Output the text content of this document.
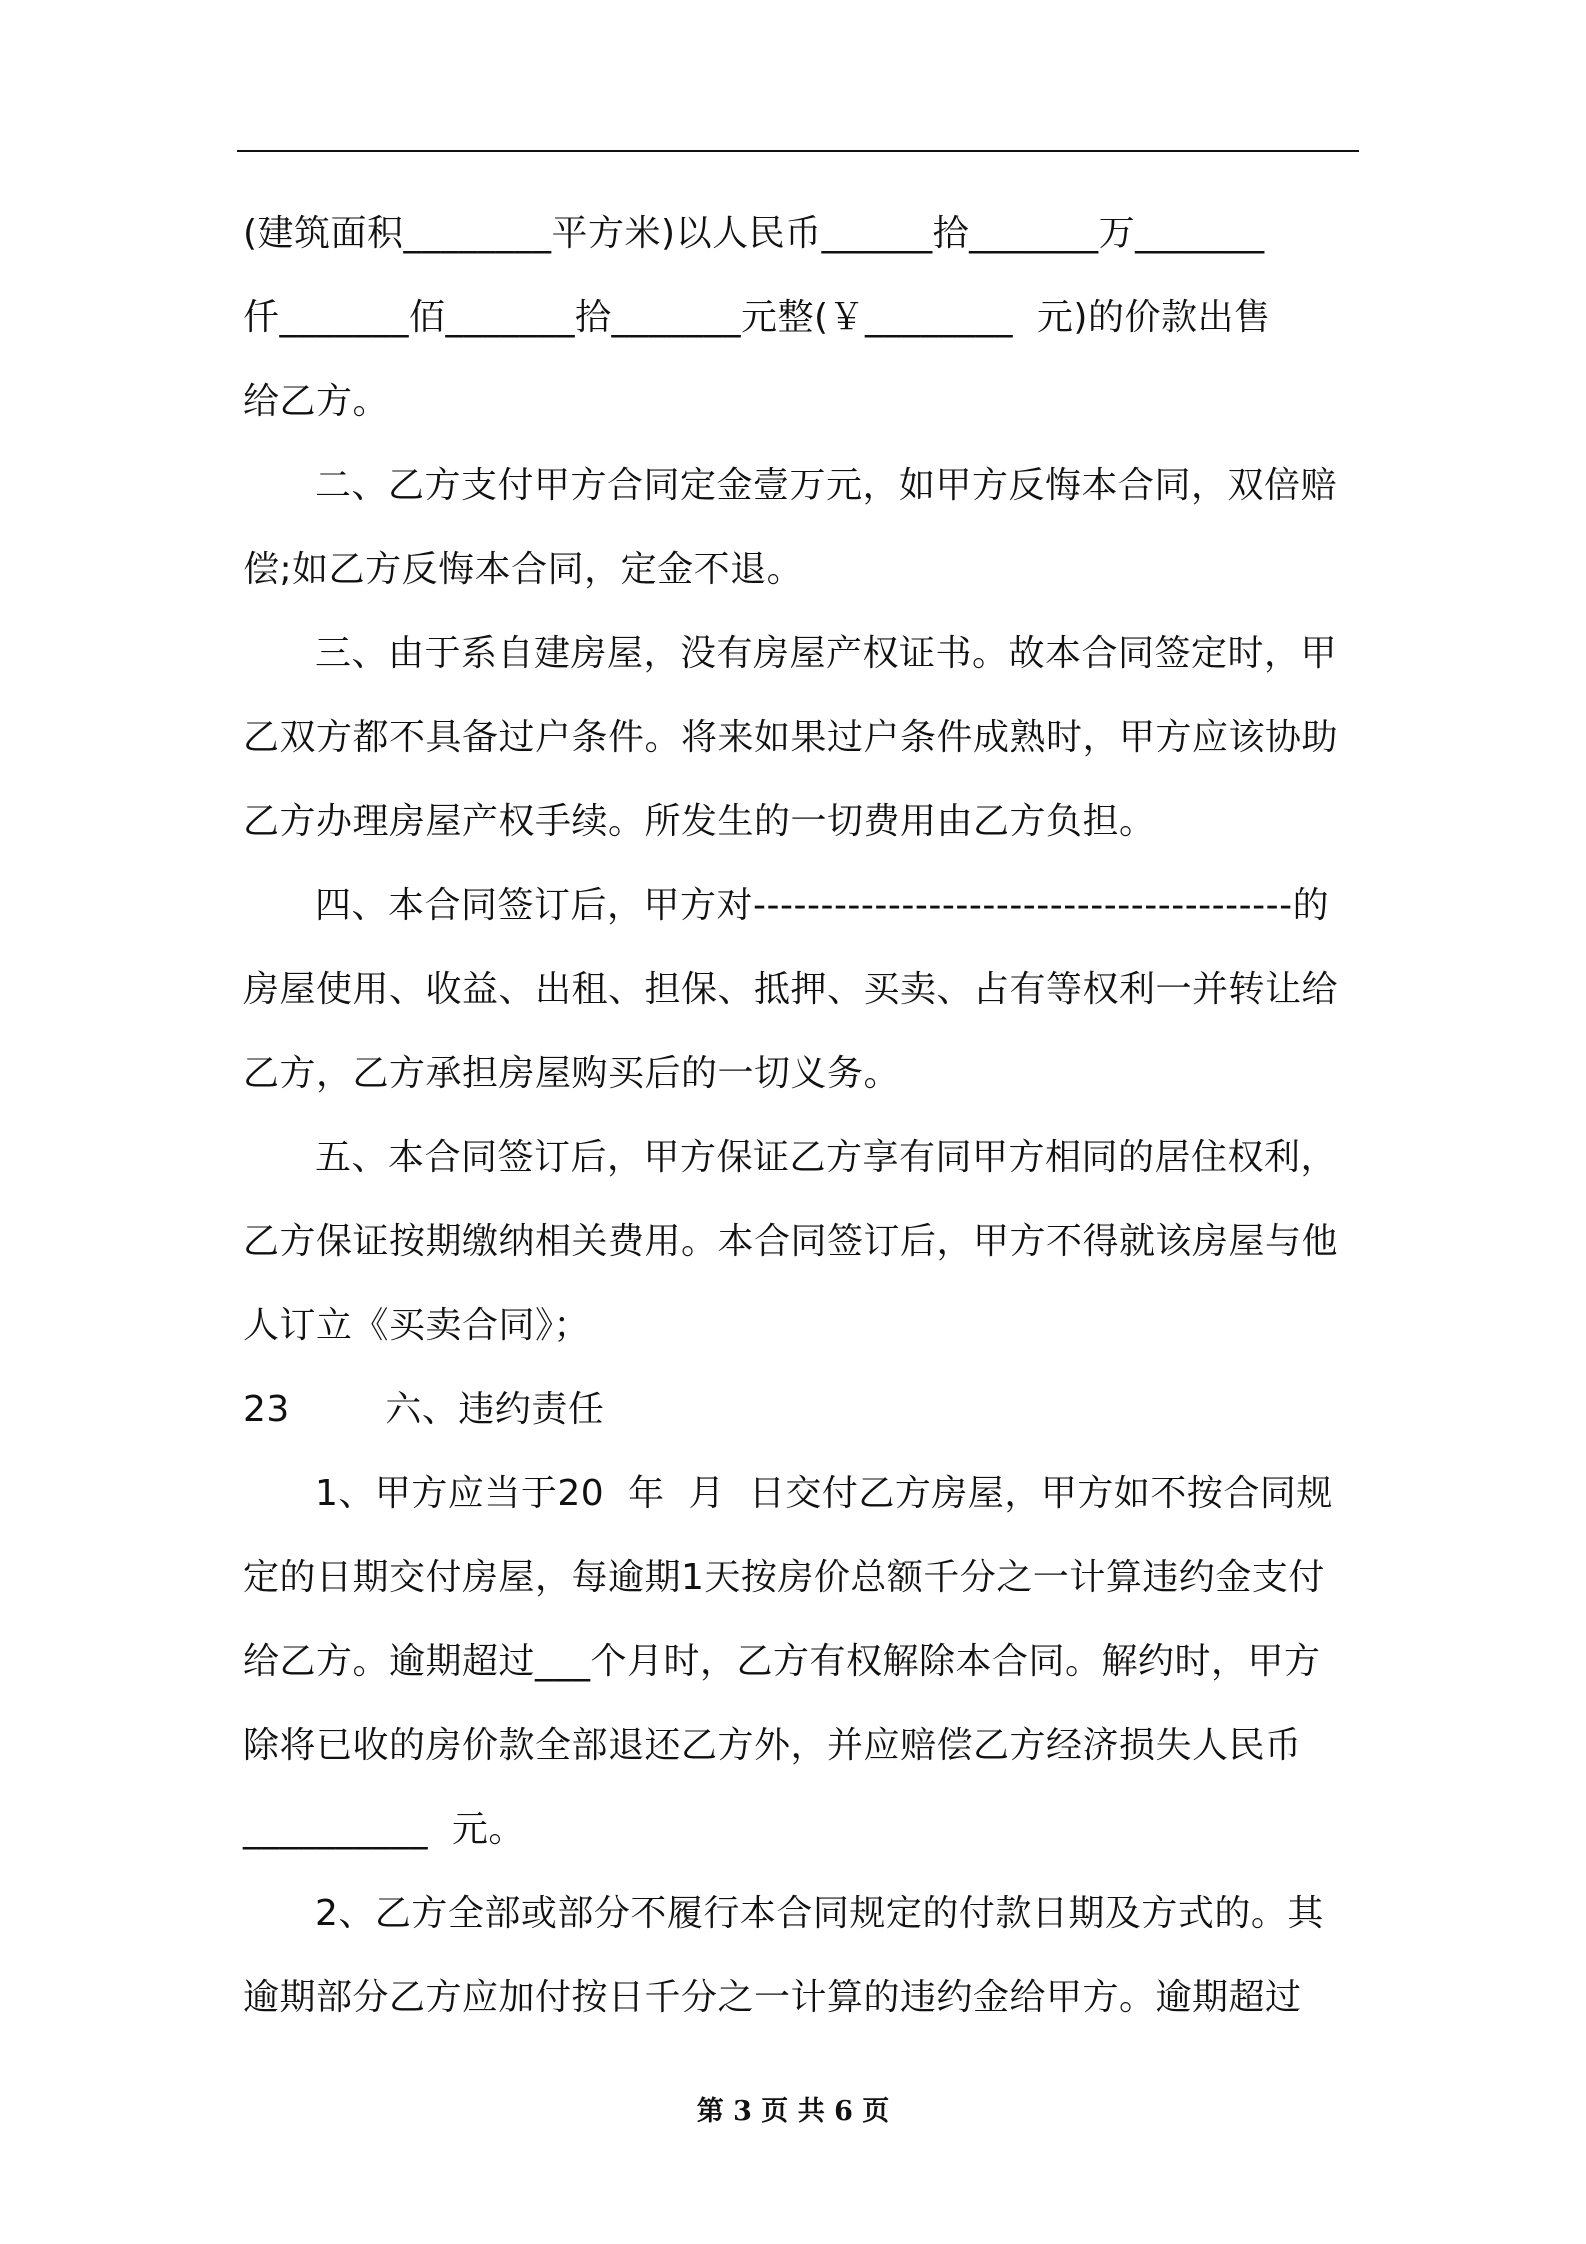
(建筑面积________平方米)以人民币______拾_______万_______

仟_______佰_______拾_______元整(￥________  元)的价款出售

给乙方。

二、乙方支付甲方合同定金壹万元，如甲方反悔本合同，双倍赔

偿;如乙方反悔本合同，定金不退。

三、由于系自建房屋，没有房屋产权证书。故本合同签定时，甲

乙双方都不具备过户条件。将来如果过户条件成熟时，甲方应该协助

乙方办理房屋产权手续。所发生的一切费用由乙方负担。

四、本合同签订后，甲方对----------------------------------------的

房屋使用、收益、出租、担保、抵押、买卖、占有等权利一并转让给

乙方，乙方承担房屋购买后的一切义务。

五、本合同签订后，甲方保证乙方享有同甲方相同的居住权利，

乙方保证按期缴纳相关费用。本合同签订后，甲方不得就该房屋与他

人订立《买卖合同》；

23        六、违约责任

1、甲方应当于20  年  月  日交付乙方房屋，甲方如不按合同规

定的日期交付房屋，每逾期1天按房价总额千分之一计算违约金支付

给乙方。逾期超过___个月时，乙方有权解除本合同。解约时，甲方

除将已收的房价款全部退还乙方外，并应赔偿乙方经济损失人民币

__________  元。

2、乙方全部或部分不履行本合同规定的付款日期及方式的。其

逾期部分乙方应加付按日千分之一计算的违约金给甲方。逾期超过

第 3 页 共 6 页
